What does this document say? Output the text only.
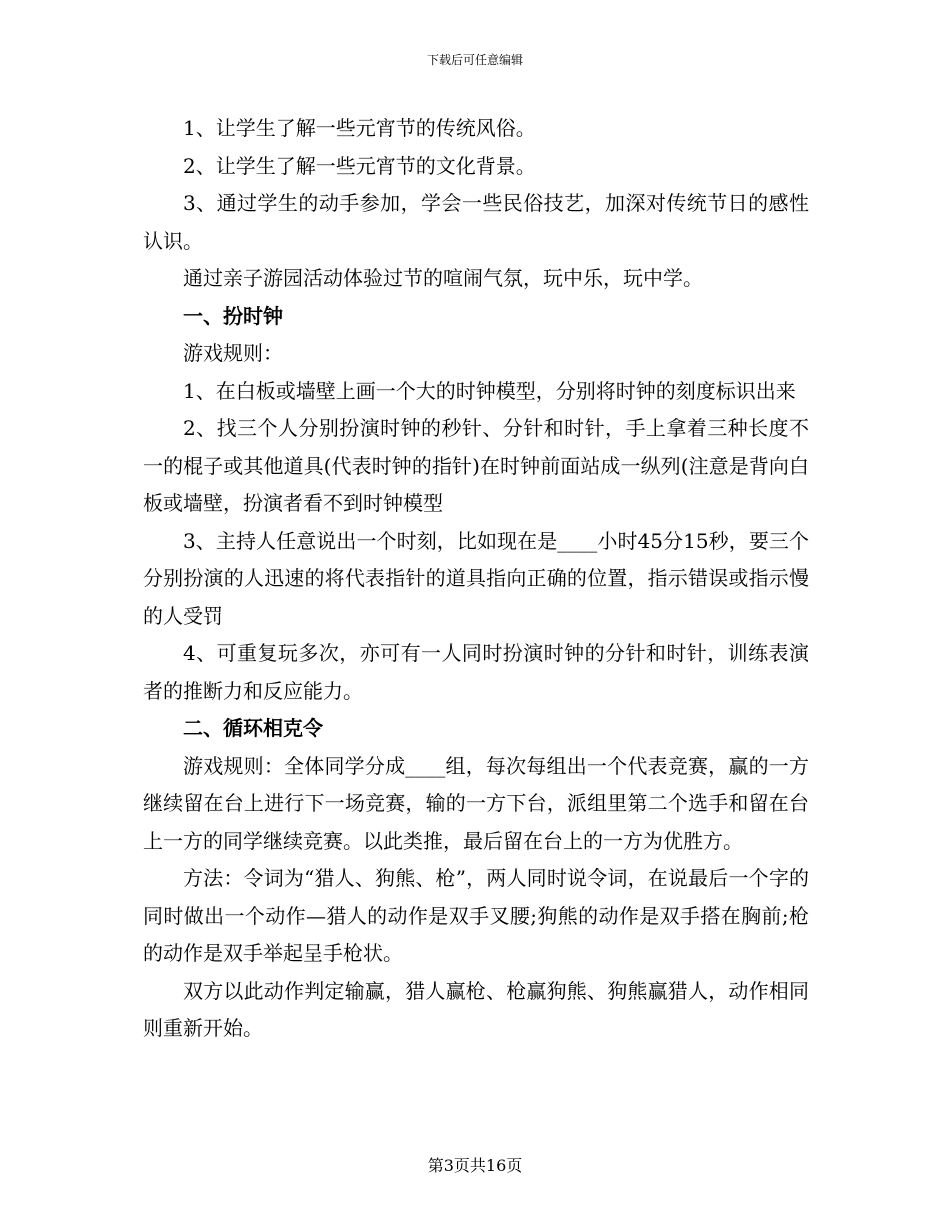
下载后可任意编辑

1、让学生了解一些元宵节的传统风俗。

2、让学生了解一些元宵节的文化背景。

3、通过学生的动手参加，学会一些民俗技艺，加深对传统节日的感性认识。

通过亲子游园活动体验过节的喧闹气氛，玩中乐，玩中学。

一、扮时钟

游戏规则：

1、在白板或墙壁上画一个大的时钟模型，分别将时钟的刻度标识出来

2、找三个人分别扮演时钟的秒针、分针和时针，手上拿着三种长度不一的棍子或其他道具(代表时钟的指针)在时钟前面站成一纵列(注意是背向白板或墙壁，扮演者看不到时钟模型

3、主持人任意说出一个时刻，比如现在是____小时45分15秒，要三个分别扮演的人迅速的将代表指针的道具指向正确的位置，指示错误或指示慢的人受罚

4、可重复玩多次，亦可有一人同时扮演时钟的分针和时针，训练表演者的推断力和反应能力。

二、循环相克令

游戏规则：全体同学分成____组，每次每组出一个代表竞赛，赢的一方继续留在台上进行下一场竞赛，输的一方下台，派组里第二个选手和留在台上一方的同学继续竞赛。以此类推，最后留在台上的一方为优胜方。

方法：令词为“猎人、狗熊、枪”，两人同时说令词，在说最后一个字的同时做出一个动作—猎人的动作是双手叉腰;狗熊的动作是双手搭在胸前;枪的动作是双手举起呈手枪状。

双方以此动作判定输赢，猎人赢枪、枪赢狗熊、狗熊赢猎人，动作相同则重新开始。

第3页共16页
